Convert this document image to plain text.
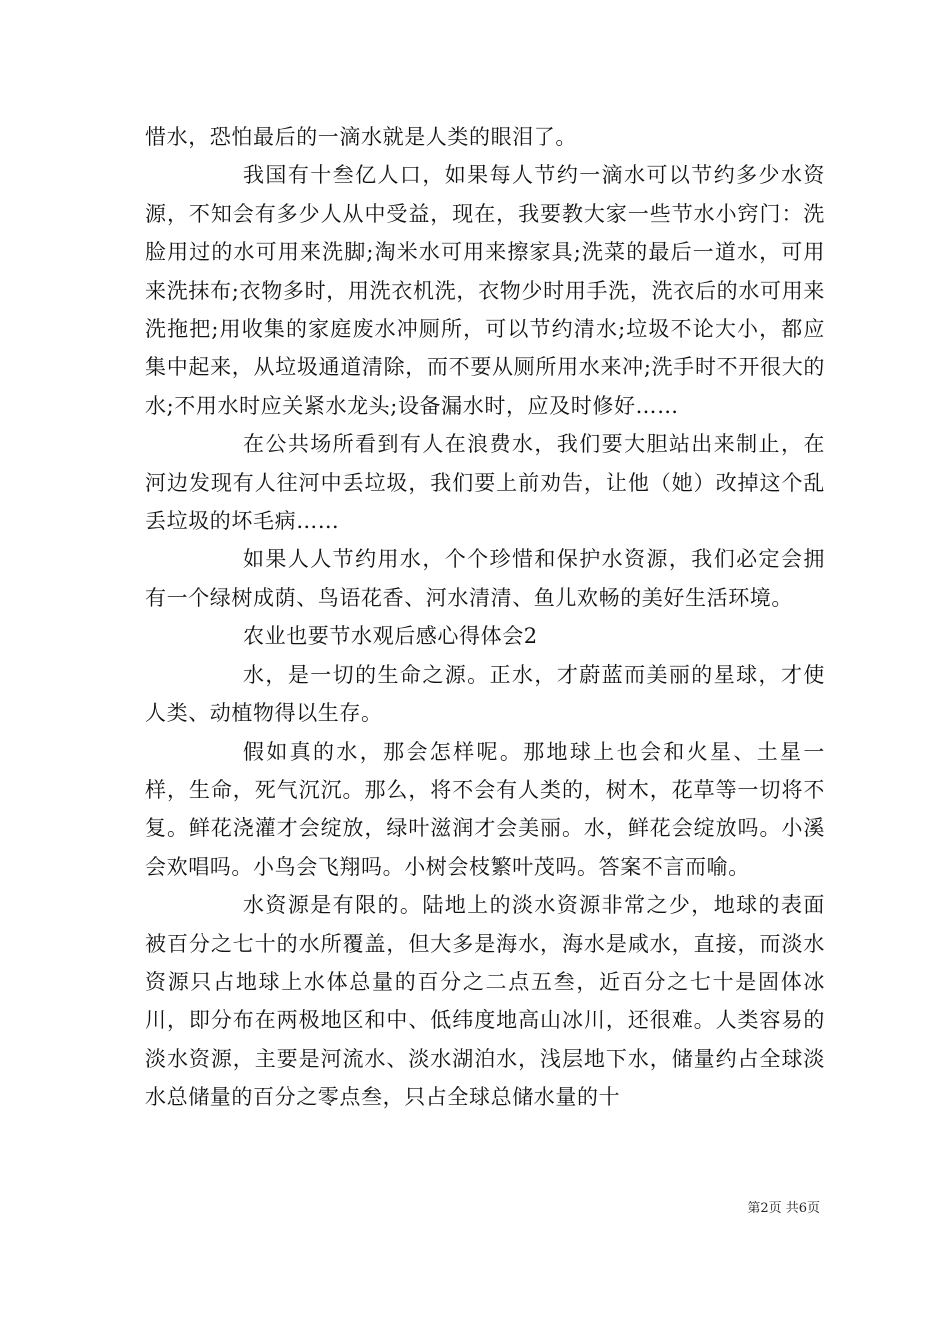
惜水，恐怕最后的一滴水就是人类的眼泪了。

我国有十叁亿人口，如果每人节约一滴水可以节约多少水资源，不知会有多少人从中受益，现在，我要教大家一些节水小窍门：洗脸用过的水可用来洗脚;淘米水可用来擦家具;洗菜的最后一道水，可用来洗抹布;衣物多时，用洗衣机洗，衣物少时用手洗，洗衣后的水可用来洗拖把;用收集的家庭废水冲厕所，可以节约清水;垃圾不论大小，都应集中起来，从垃圾通道清除，而不要从厕所用水来冲;洗手时不开很大的水;不用水时应关紧水龙头;设备漏水时，应及时修好……

在公共场所看到有人在浪费水，我们要大胆站出来制止，在河边发现有人往河中丢垃圾，我们要上前劝告，让他（她）改掉这个乱丢垃圾的坏毛病……

如果人人节约用水，个个珍惜和保护水资源，我们必定会拥有一个绿树成荫、鸟语花香、河水清清、鱼儿欢畅的美好生活环境。

农业也要节水观后感心得体会2

水，是一切的生命之源。正水，才蔚蓝而美丽的星球，才使人类、动植物得以生存。

假如真的水，那会怎样呢。那地球上也会和火星、土星一样，生命，死气沉沉。那么，将不会有人类的，树木，花草等一切将不复。鲜花浇灌才会绽放，绿叶滋润才会美丽。水，鲜花会绽放吗。小溪会欢唱吗。小鸟会飞翔吗。小树会枝繁叶茂吗。答案不言而喻。

水资源是有限的。陆地上的淡水资源非常之少，地球的表面被百分之七十的水所覆盖，但大多是海水，海水是咸水，直接，而淡水资源只占地球上水体总量的百分之二点五叁，近百分之七十是固体冰川，即分布在两极地区和中、低纬度地高山冰川，还很难。人类容易的淡水资源，主要是河流水、淡水湖泊水，浅层地下水，储量约占全球淡水总储量的百分之零点叁，只占全球总储水量的十

第2页 共6页
